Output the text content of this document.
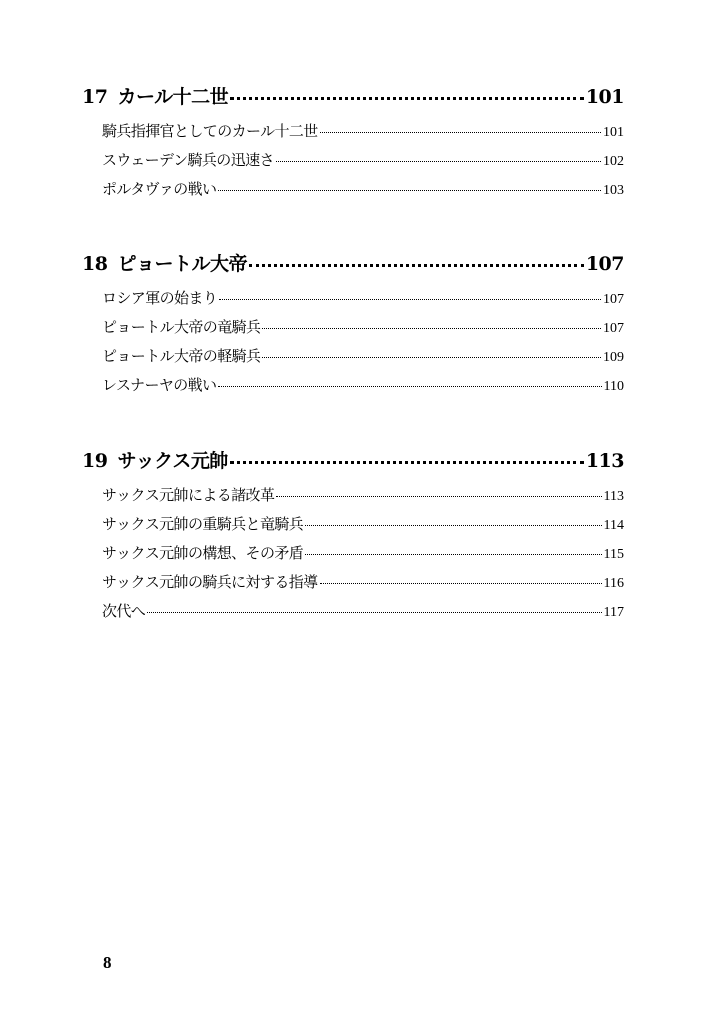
17 カール十二世	101
騎兵指揮官としてのカール十二世	101
スウェーデン騎兵の迅速さ	102
ポルタヴァの戦い	103
18 ピョートル大帝	107
ロシア軍の始まり	107
ピョートル大帝の竜騎兵	107
ピョートル大帝の軽騎兵	109
レスナーヤの戦い	110
19 サックス元帥	113
サックス元帥による諸改革	113
サックス元帥の重騎兵と竜騎兵	114
サックス元帥の構想、その矛盾	115
サックス元帥の騎兵に対する指導	116
次代へ	117
8
